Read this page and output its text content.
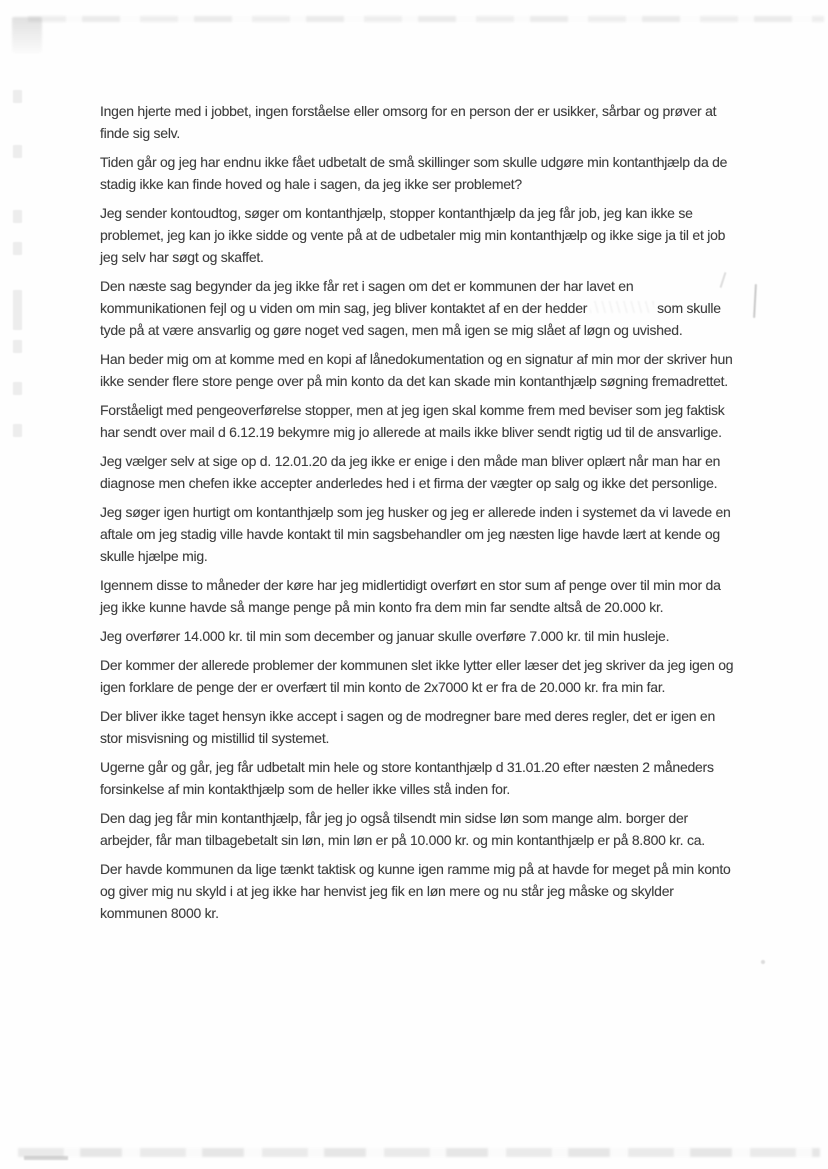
Ingen hjerte med i jobbet, ingen forståelse eller omsorg for en person der er usikker, sårbar og prøver at finde sig selv.

Tiden går og jeg har endnu ikke fået udbetalt de små skillinger som skulle udgøre min kontanthjælp da de stadig ikke kan finde hoved og hale i sagen, da jeg ikke ser problemet?

Jeg sender kontoudtog, søger om kontanthjælp, stopper kontanthjælp da jeg får job, jeg kan ikke se problemet, jeg kan jo ikke sidde og vente på at de udbetaler mig min kontanthjælp og ikke sige ja til et job jeg selv har søgt og skaffet.

Den næste sag begynder da jeg ikke får ret i sagen om det er kommunen der har lavet en kommunikationen fejl og u viden om min sag, jeg bliver kontaktet af en der hedder	som skulle tyde på at være ansvarlig og gøre noget ved sagen, men må igen se mig slået af løgn og uvished.

Han beder mig om at komme med en kopi af lånedokumentation og en signatur af min mor der skriver hun ikke sender flere store penge over på min konto da det kan skade min kontanthjælp søgning fremadrettet.

Forståeligt med pengeoverførelse stopper, men at jeg igen skal komme frem med beviser som jeg faktisk har sendt over mail d 6.12.19 bekymre mig jo allerede at mails ikke bliver sendt rigtig ud til de ansvarlige.

Jeg vælger selv at sige op d. 12.01.20 da jeg ikke er enige i den måde man bliver oplært når man har en diagnose men chefen ikke accepter anderledes hed i et firma der vægter op salg og ikke det personlige.

Jeg søger igen hurtigt om kontanthjælp som jeg husker og jeg er allerede inden i systemet da vi lavede en aftale om jeg stadig ville havde kontakt til min sagsbehandler om jeg næsten lige havde lært at kende og skulle hjælpe mig.

Igennem disse to måneder der køre har jeg midlertidigt overført en stor sum af penge over til min mor da jeg ikke kunne havde så mange penge på min konto fra dem min far sendte altså de 20.000 kr.

Jeg overfører 14.000 kr. til min som december og januar skulle overføre 7.000 kr. til min husleje.

Der kommer der allerede problemer der kommunen slet ikke lytter eller læser det jeg skriver da jeg igen og igen forklare de penge der er overfært til min konto de 2x7000 kt er fra de 20.000 kr. fra min far.

Der bliver ikke taget hensyn ikke accept i sagen og de modregner bare med deres regler, det er igen en stor misvisning og mistillid til systemet.

Ugerne går og går, jeg får udbetalt min hele og store kontanthjælp d 31.01.20 efter næsten 2 måneders forsinkelse af min kontakthjælp som de heller ikke villes stå inden for.

Den dag jeg får min kontanthjælp, får jeg jo også tilsendt min sidse løn som mange alm. borger der arbejder, får man tilbagebetalt sin løn, min løn er på 10.000 kr. og min kontanthjælp er på 8.800 kr. ca.

Der havde kommunen da lige tænkt taktisk og kunne igen ramme mig på at havde for meget på min konto og giver mig nu skyld i at jeg ikke har henvist jeg fik en løn mere og nu står jeg måske og skylder kommunen 8000 kr.
